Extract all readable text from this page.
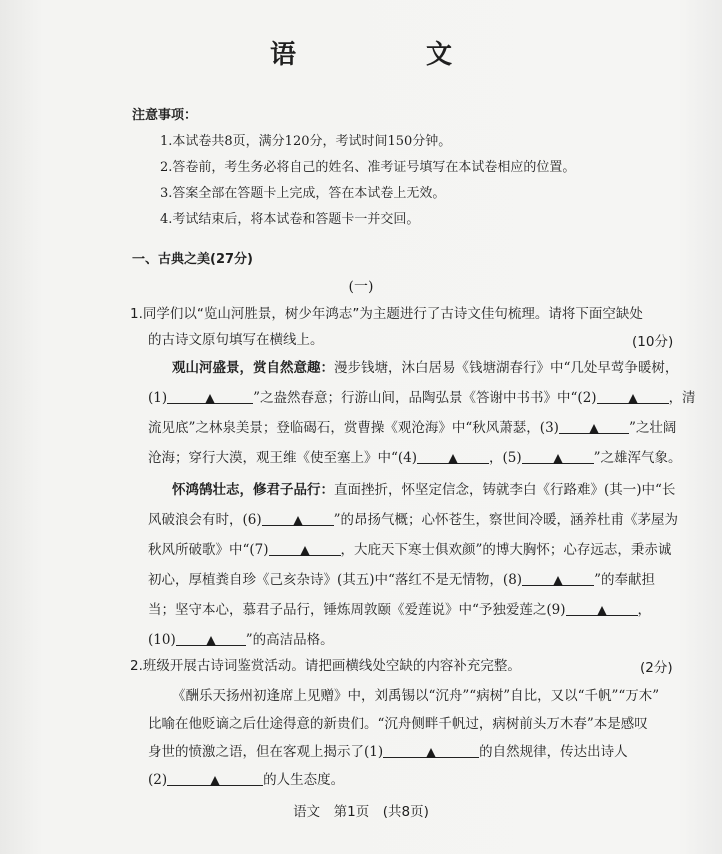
语　文
注意事项：
1.本试卷共8页，满分120分，考试时间150分钟。
2.答卷前，考生务必将自己的姓名、准考证号填写在本试卷相应的位置。
3.答案全部在答题卡上完成，答在本试卷上无效。
4.考试结束后，将本试卷和答题卡一并交回。
一、古典之美(27分)
(一)
1.同学们以“览山河胜景，树少年鸿志”为主题进行了古诗文佳句梳理。请将下面空缺处
的古诗文原句填写在横线上。	(10分)
观山河盛景，赏自然意趣：漫步钱塘，沐白居易《钱塘湖春行》中“几处早莺争暖树，
(1)	”之盎然春意；行游山间，品陶弘景《答谢中书书》中“(2)	，清
流见底”之林泉美景；登临碣石，赏曹操《观沧海》中“秋风萧瑟，(3)	”之壮阔
沧海；穿行大漠，观王维《使至塞上》中“(4)	，(5)	”之雄浑气象。
怀鸿鹄壮志，修君子品行：直面挫折，怀坚定信念，铸就李白《行路难》(其一)中“长
风破浪会有时，(6)	”的昂扬气概；心怀苍生，察世间冷暖，涵养杜甫《茅屋为
秋风所破歌》中“(7)	，大庇天下寒士俱欢颜”的博大胸怀；心存远志，秉赤诚
初心，厚植粪自珍《己亥杂诗》(其五)中“落红不是无情物，(8)	”的奉献担
当；坚守本心，慕君子品行，锤炼周敦颐《爱莲说》中“予独爱莲之(9)	，
(10)	”的高洁品格。
2.班级开展古诗词鉴赏活动。请把画横线处空缺的内容补充完整。	(2分)
《酬乐天扬州初逢席上见赠》中，刘禹锡以“沉舟”“病树”自比，又以“千帆”“万木”
比喻在他贬谪之后仕途得意的新贵们。“沉舟侧畔千帆过，病树前头万木春”本是感叹
身世的愤激之语，但在客观上揭示了(1)	的自然规律，传达出诗人
(2)	的人生态度。
语文　第1页　(共8页)
